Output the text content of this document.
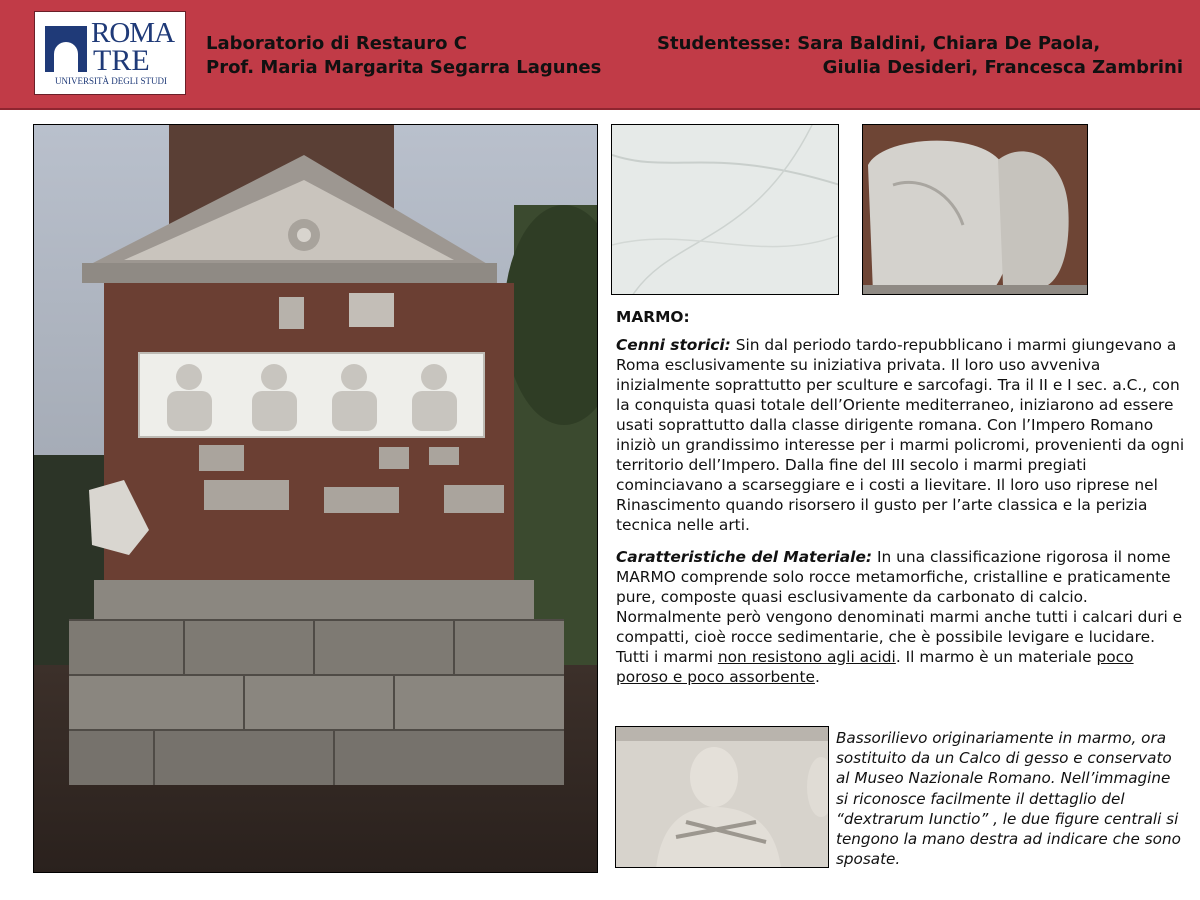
ROMA
TRE
UNIVERSITÀ DEGLI STUDI
Laboratorio di Restauro C
Prof. Maria Margarita Segarra Lagunes
Studentesse: Sara Baldini, Chiara De Paola,
Giulia Desideri, Francesca Zambrini

MARMO:

Cenni storici: Sin dal periodo tardo-repubblicano i marmi giungevano a Roma esclusivamente su iniziativa privata. Il loro uso avveniva inizialmente soprattutto per sculture e sarcofagi. Tra il II e I sec. a.C., con la conquista quasi totale dell’Oriente mediterraneo, iniziarono ad essere usati soprattutto dalla classe dirigente romana. Con l’Impero Romano iniziò un grandissimo interesse per i marmi policromi, provenienti da ogni territorio dell’Impero. Dalla fine del III secolo i marmi pregiati cominciavano a scarseggiare e i costi a lievitare. Il loro uso riprese nel Rinascimento quando risorsero il gusto per l’arte classica e la perizia tecnica nelle arti.

Caratteristiche del Materiale: In una classificazione rigorosa il nome MARMO comprende solo rocce metamorfiche, cristalline e praticamente pure, composte quasi esclusivamente da carbonato di calcio. Normalmente però vengono denominati marmi anche tutti i calcari duri e compatti, cioè rocce sedimentarie, che è possibile levigare e lucidare. Tutti i marmi non resistono agli acidi. Il marmo è un materiale poco poroso e poco assorbente.

Bassorilievo originariamente in marmo, ora sostituito da un Calco di gesso e conservato al Museo Nazionale Romano. Nell’immagine si riconosce facilmente il dettaglio del “dextrarum Iunctio” , le due figure centrali si tengono la mano destra ad indicare che sono sposate.
